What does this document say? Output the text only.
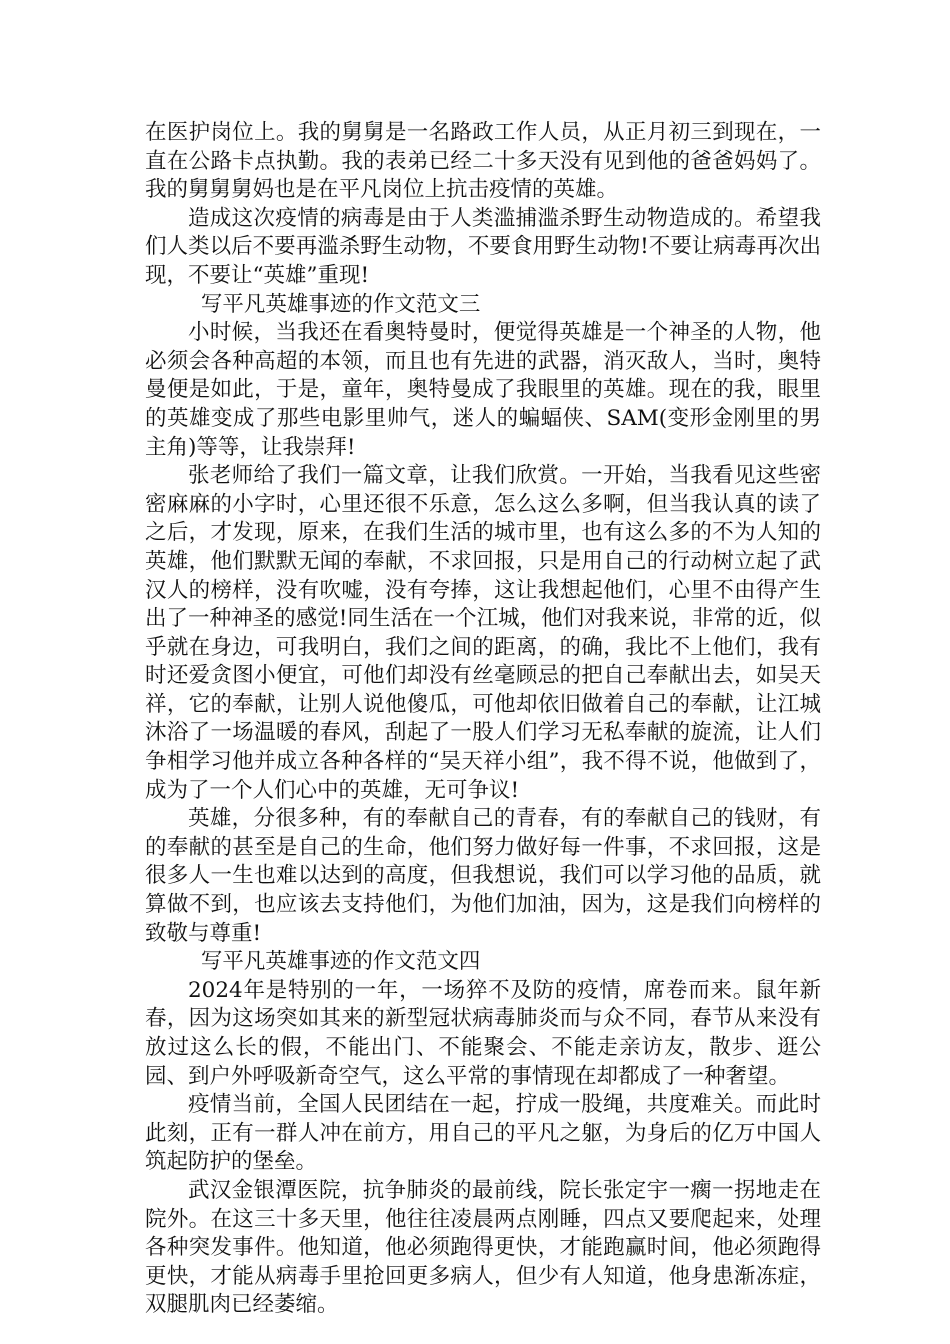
在医护岗位上。我的舅舅是一名路政工作人员，从正月初三到现在，一直在公路卡点执勤。我的表弟已经二十多天没有见到他的爸爸妈妈了。我的舅舅舅妈也是在平凡岗位上抗击疫情的英雄。

造成这次疫情的病毒是由于人类滥捕滥杀野生动物造成的。希望我们人类以后不要再滥杀野生动物，不要食用野生动物!不要让病毒再次出现，不要让“英雄”重现!

写平凡英雄事迹的作文范文三

小时候，当我还在看奥特曼时，便觉得英雄是一个神圣的人物，他必须会各种高超的本领，而且也有先进的武器，消灭敌人，当时，奥特曼便是如此，于是，童年，奥特曼成了我眼里的英雄。现在的我，眼里的英雄变成了那些电影里帅气，迷人的蝙蝠侠、SAM(变形金刚里的男主角)等等，让我崇拜!

张老师给了我们一篇文章，让我们欣赏。一开始，当我看见这些密密麻麻的小字时，心里还很不乐意，怎么这么多啊，但当我认真的读了之后，才发现，原来，在我们生活的城市里，也有这么多的不为人知的英雄，他们默默无闻的奉献，不求回报，只是用自己的行动树立起了武汉人的榜样，没有吹嘘，没有夸捧，这让我想起他们，心里不由得产生出了一种神圣的感觉!同生活在一个江城，他们对我来说，非常的近，似乎就在身边，可我明白，我们之间的距离，的确，我比不上他们，我有时还爱贪图小便宜，可他们却没有丝毫顾忌的把自己奉献出去，如吴天祥，它的奉献，让别人说他傻瓜，可他却依旧做着自己的奉献，让江城沐浴了一场温暖的春风，刮起了一股人们学习无私奉献的旋流，让人们争相学习他并成立各种各样的“吴天祥小组”，我不得不说，他做到了，成为了一个人们心中的英雄，无可争议!

英雄，分很多种，有的奉献自己的青春，有的奉献自己的钱财，有的奉献的甚至是自己的生命，他们努力做好每一件事，不求回报，这是很多人一生也难以达到的高度，但我想说，我们可以学习他的品质，就算做不到，也应该去支持他们，为他们加油，因为，这是我们向榜样的致敬与尊重!

写平凡英雄事迹的作文范文四

2024年是特别的一年，一场猝不及防的疫情，席卷而来。鼠年新春，因为这场突如其来的新型冠状病毒肺炎而与众不同，春节从来没有放过这么长的假，不能出门、不能聚会、不能走亲访友，散步、逛公园、到户外呼吸新奇空气，这么平常的事情现在却都成了一种奢望。

疫情当前，全国人民团结在一起，拧成一股绳，共度难关。而此时此刻，正有一群人冲在前方，用自己的平凡之躯，为身后的亿万中国人筑起防护的堡垒。

武汉金银潭医院，抗争肺炎的最前线，院长张定宇一瘸一拐地走在院外。在这三十多天里，他往往凌晨两点刚睡，四点又要爬起来，处理各种突发事件。他知道，他必须跑得更快，才能跑赢时间，他必须跑得更快，才能从病毒手里抢回更多病人，但少有人知道，他身患渐冻症，双腿肌肉已经萎缩。
